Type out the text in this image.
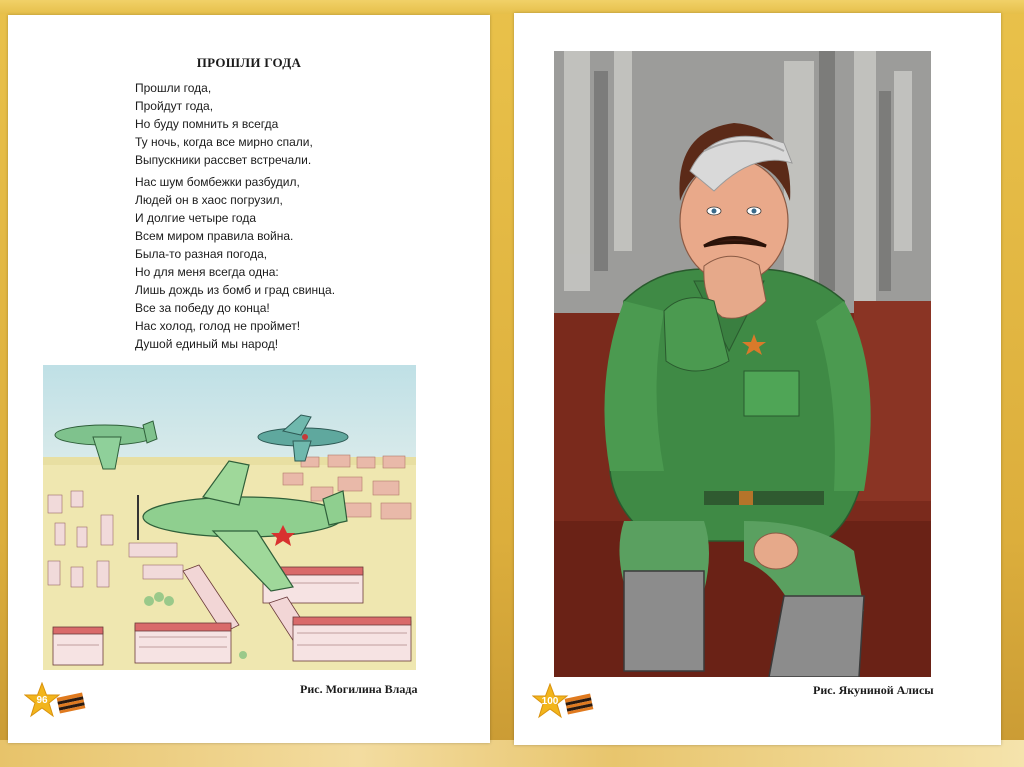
ПРОШЛИ ГОДА
Прошли года,
Пройдут года,
Но буду помнить я всегда
Ту ночь, когда все мирно спали,
Выпускники рассвет встречали.
Нас шум бомбежки разбудил,
Людей он в хаос погрузил,
И долгие четыре года
Всем миром правила война.
Была-то разная погода,
Но для меня всегда одна:
Лишь дождь из бомб и град свинца.
Все за победу до конца!
Нас холод, голод не проймет!
Душой единый мы народ!
96
Рис. Могилина Влада
100
Рис. Якуниной Алисы
